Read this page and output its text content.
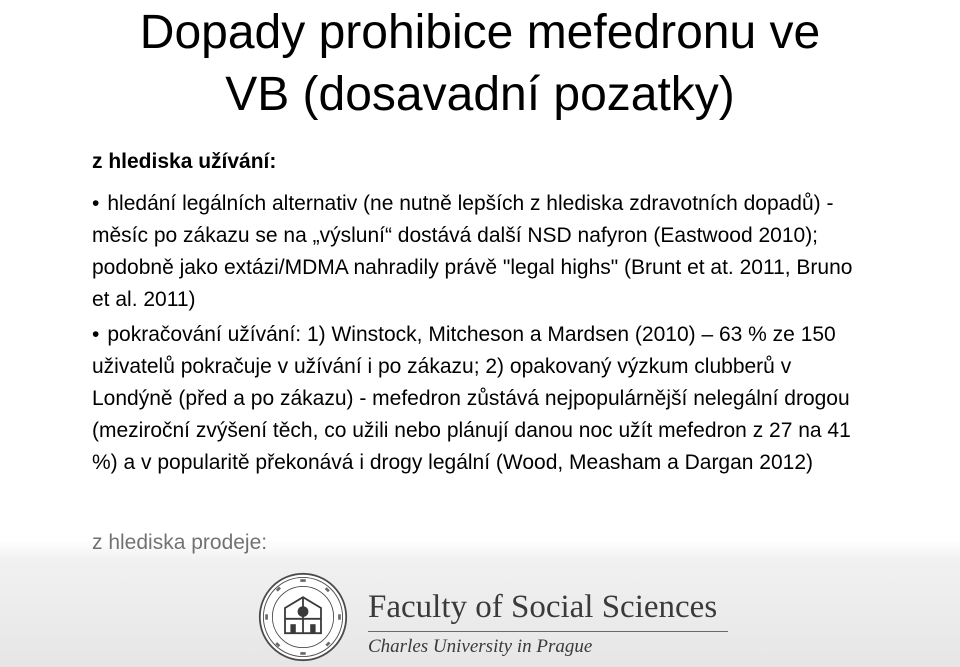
Dopady prohibice mefedronu ve
VB (dosavadní pozatky)

z hlediska užívání:

• hledání legálních alternativ (ne nutně lepších z hlediska zdravotních dopadů) - měsíc po zákazu se na „výsluní“ dostává další NSD nafyron (Eastwood 2010); podobně jako extázi/MDMA nahradily právě "legal highs" (Brunt et at. 2011, Bruno et al. 2011)

• pokračování užívání: 1) Winstock, Mitcheson a Mardsen (2010) – 63 % ze 150 uživatelů pokračuje v užívání i po zákazu; 2) opakovaný výzkum clubberů v Londýně (před a po zákazu) - mefedron zůstává nejpopulárnější nelegální drogou (meziroční zvýšení těch, co užili nebo plánují danou noc užít mefedron z 27 na 41 %) a v popularitě překonává i drogy legální (Wood, Measham a Dargan 2012)

z hlediska prodeje:
Faculty of Social Sciences
Charles University in Prague
